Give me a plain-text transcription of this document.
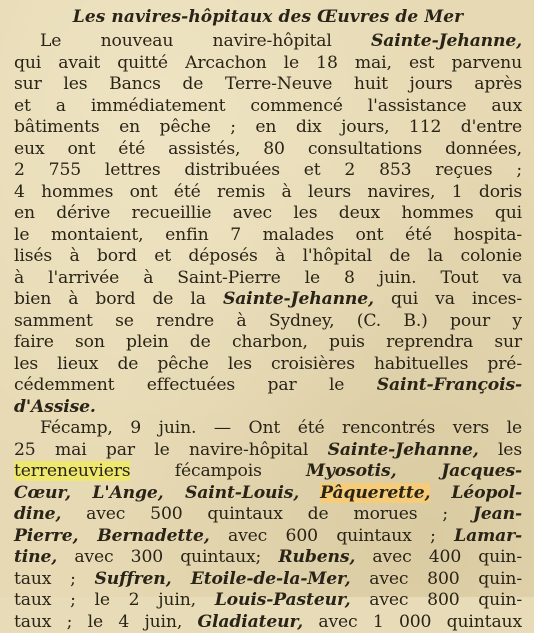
Les navires-hôpitaux des Œuvres de Mer
Le nouveau navire-hôpital Sainte-Jehanne,
qui avait quitté Arcachon le 18 mai, est parvenu
sur les Bancs de Terre-Neuve huit jours après
et a immédiatement commencé l'assistance aux
bâtiments en pêche ; en dix jours, 112 d'entre
eux ont été assistés, 80 consultations données,
2 755 lettres distribuées et 2 853 reçues ;
4 hommes ont été remis à leurs navires, 1 doris
en dérive recueillie avec les deux hommes qui
le montaient, enfin 7 malades ont été hospita-
lisés à bord et déposés à l'hôpital de la colonie
à l'arrivée à Saint-Pierre le 8 juin. Tout va
bien à bord de la Sainte-Jehanne, qui va inces-
samment se rendre à Sydney, (C. B.) pour y
faire son plein de charbon, puis reprendra sur
les lieux de pêche les croisières habituelles pré-
cédemment effectuées par le Saint-François-
d'Assise.
Fécamp, 9 juin. — Ont été rencontrés vers le
25 mai par le navire-hôpital Sainte-Jehanne, les
terreneuviers fécampois Myosotis, Jacques-
Cœur, L'Ange, Saint-Louis, Pâquerette, Léopol-
dine, avec 500 quintaux de morues ; Jean-
Pierre, Bernadette, avec 600 quintaux ; Lamar-
tine, avec 300 quintaux; Rubens, avec 400 quin-
taux ; Suffren, Etoile-de-la-Mer, avec 800 quin-
taux ; le 2 juin, Louis-Pasteur, avec 800 quin-
taux ; le 4 juin, Gladiateur, avec 1 000 quintaux
